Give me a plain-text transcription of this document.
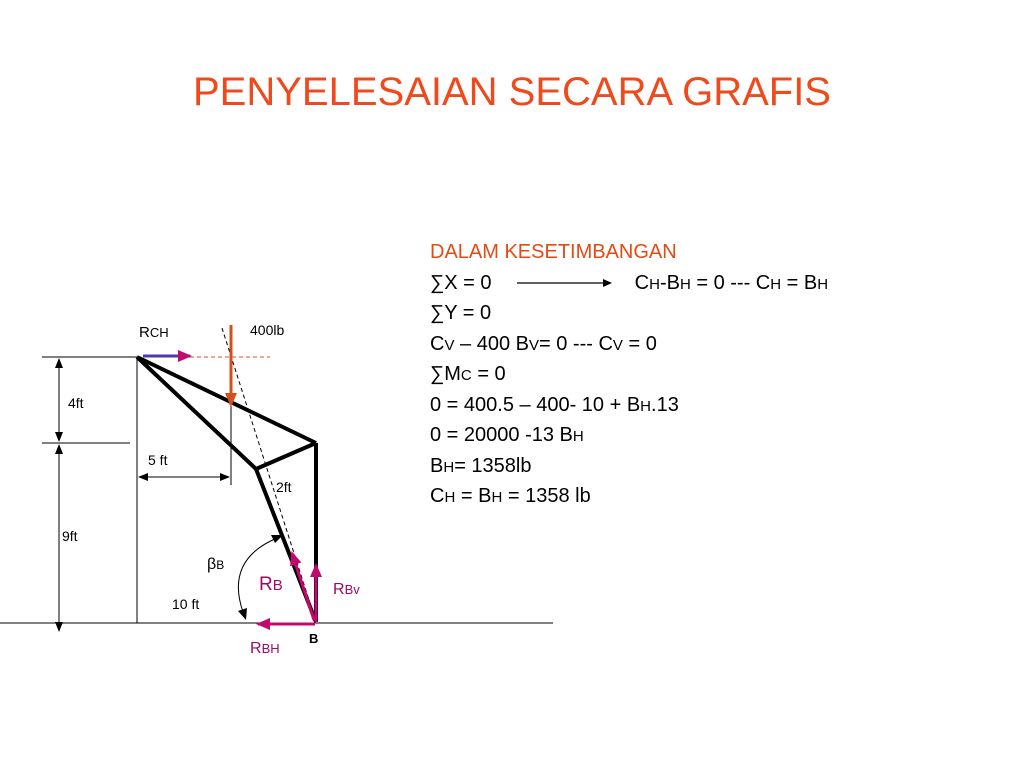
PENYELESAIAN SECARA GRAFIS
DALAM KESETIMBANGAN
∑X = 0	CH-BH = 0 --- CH = BH
∑Y = 0
CV – 400 BV= 0 --- CV = 0
∑MC = 0
0 = 400.5 – 400- 10 + BH.13
0 = 20000 -13 BH
BH= 1358lb
CH = BH = 1358 lb
RCH	400lb
4ft
9ft
5 ft
2ft
10 ft
βB
RB	RBv
RBH
B
